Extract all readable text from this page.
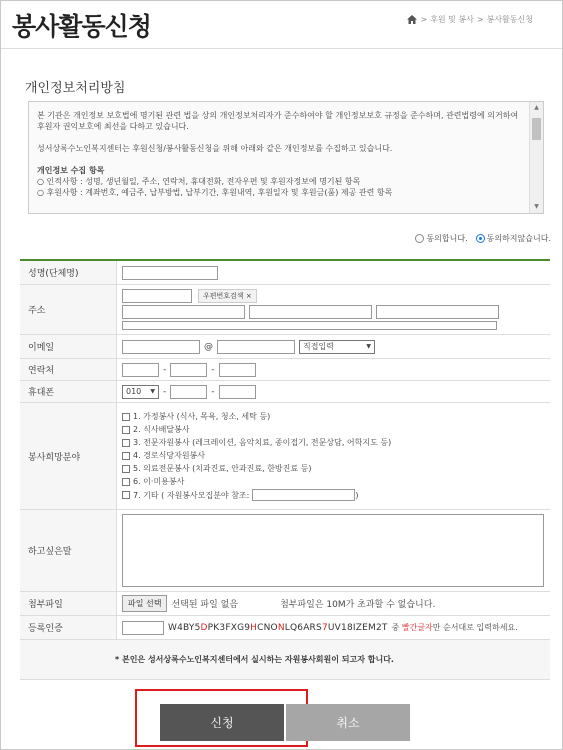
봉사활동신청	> 후원 및 봉사 > 봉사활동신청
개인정보처리방침

본 기관은 개인정보 보호법에 명기된 관련 법을 상의 개인정보처리자가 준수하여야 할 개인정보보호 규정을 준수하며, 관련법령에 의거하여 후원자 권익보호에 최선을 다하고 있습니다.

성서상록수노인복지센터는 후원신청/봉사활동신청을 위해 아래와 같은 개인정보를 수집하고 있습니다.

개인정보 수집 항목

○ 인적사항 : 성명, 생년월일, 주소, 연락처, 휴대전화, 전자우편 및 후원자정보에 명기된 항목

○ 후원사항 : 계좌번호, 예금주, 납부방법, 납부기간, 후원내역, 후원일자 및 후원금(품) 제공 관련 항목

▲
▼
동의합니다.	동의하지않습니다.
성명(단체명)
주소
우편번호검색 ×
이메일	@	직접입력	▼
연락처	-	-
휴대폰	010 ▼ -	-
봉사희망분야
1. 가정봉사 (식사, 목욕, 청소, 세탁 등)
2. 식사배달봉사
3. 전문자원봉사 (레크레이션, 음악치료, 종이접기, 전문상담, 어학지도 등)
4. 경로식당자원봉사
5. 의료전문봉사 (치과진료, 안과진료, 한방진료 등)
6. 이·미용봉사
7. 기타 ( 자원봉사모집분야 참조:	)
하고싶은말
첨부파일	파일 선택	선택된 파일 없음	첨부파일은 10M가 초과할 수 없습니다.
등록인증	W4BY5DPK3FXG9HCNONLQ6ARS7UV18IZEM2T 중 빨간글자만 순서대로 입력하세요.
* 본인은 성서상록수노인복지센터에서 실시하는 자원봉사회원이 되고자 합니다.
신청	취소
